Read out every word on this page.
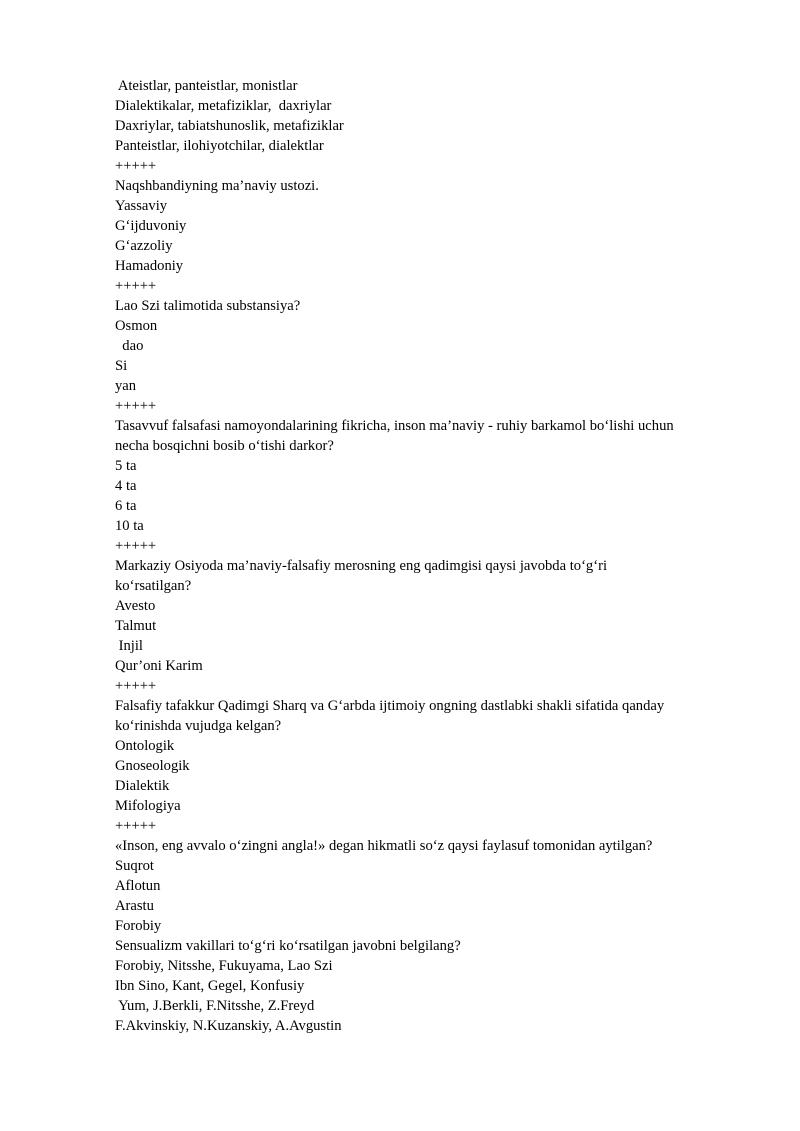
Ateistlar, panteistlar, monistlar

Dialektikalar, metafiziklar,  daxriylar

Daxriylar, tabiatshunoslik, metafiziklar

Panteistlar, ilohiyotchilar, dialektlar

+++++

Naqshbandiyning ma’naviy ustozi.

Yassaviy

G‘ijduvoniy

G‘azzoliy

Hamadoniy

+++++

Lao Szi talimotida substansiya?

Osmon

dao

Si

yan

+++++

Tasavvuf falsafasi namoyondalarining fikricha, inson ma’naviy - ruhiy barkamol bo‘lishi uchun

necha bosqichni bosib o‘tishi darkor?

5 ta

4 ta

6 ta

10 ta

+++++

Markaziy Osiyoda ma’naviy-falsafiy merosning eng qadimgisi qaysi javobda to‘g‘ri

ko‘rsatilgan?

Avesto

Talmut

Injil

Qur’oni Karim

+++++

Falsafiy tafakkur Qadimgi Sharq va G‘arbda ijtimoiy ongning dastlabki shakli sifatida qanday

ko‘rinishda vujudga kelgan?

Ontologik

Gnoseologik

Dialektik

Mifologiya

+++++

«Inson, eng avvalo o‘zingni angla!» degan hikmatli so‘z qaysi faylasuf tomonidan aytilgan?

Suqrot

Aflotun

Arastu

Forobiy

Sensualizm vakillari to‘g‘ri ko‘rsatilgan javobni belgilang?

Forobiy, Nitsshe, Fukuyama, Lao Szi

Ibn Sino, Kant, Gegel, Konfusiy

Yum, J.Berkli, F.Nitsshe, Z.Freyd

F.Akvinskiy, N.Kuzanskiy, A.Avgustin
